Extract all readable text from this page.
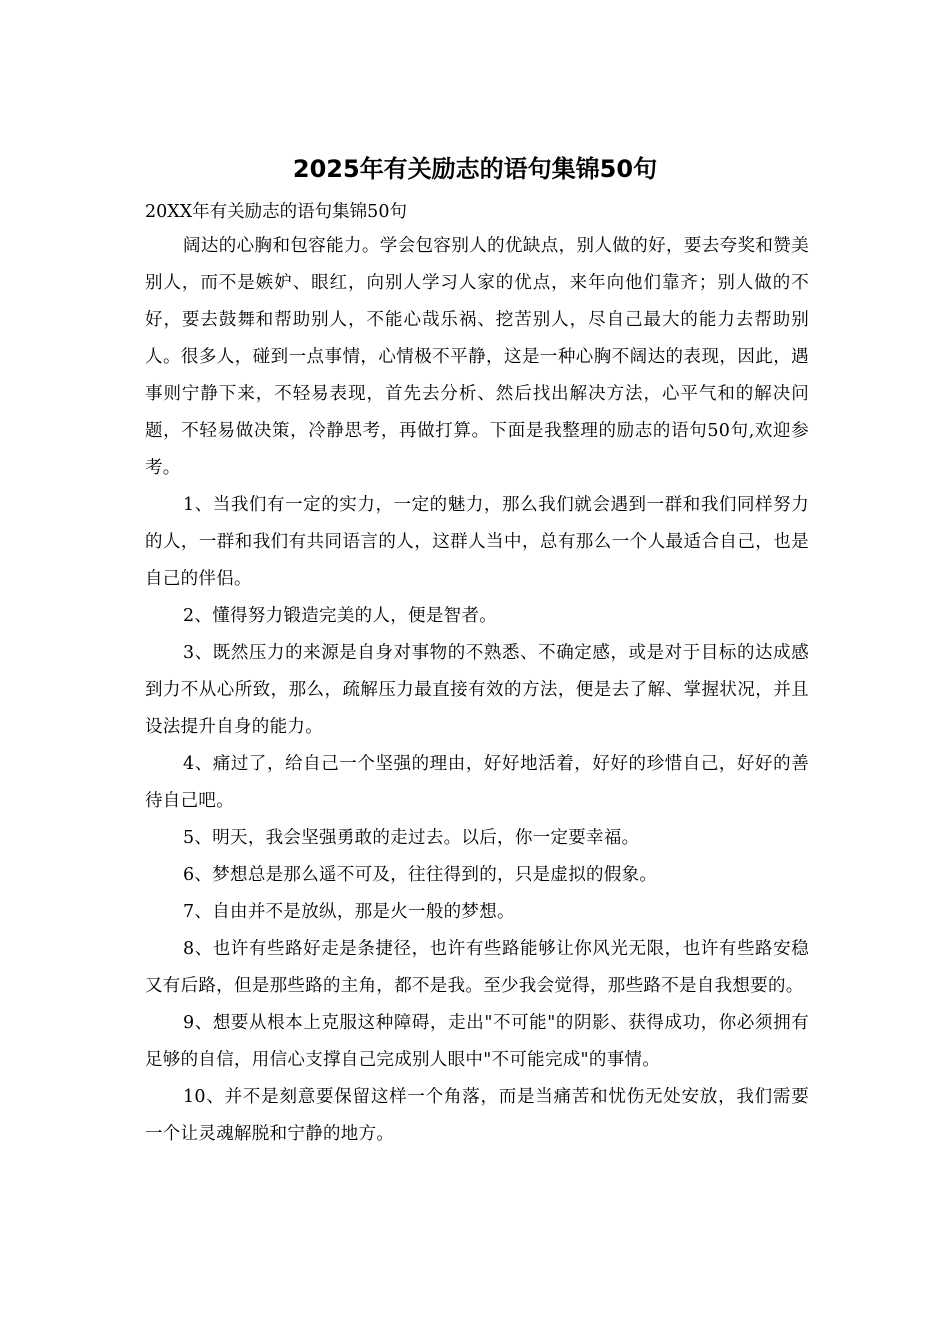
2025年有关励志的语句集锦50句

20XX年有关励志的语句集锦50句

阔达的心胸和包容能力。学会包容别人的优缺点，别人做的好，要去夸奖和赞美别人，而不是嫉妒、眼红，向别人学习人家的优点，来年向他们靠齐；别人做的不好，要去鼓舞和帮助别人，不能心哉乐祸、挖苦别人，尽自己最大的能力去帮助别人。很多人，碰到一点事情，心情极不平静，这是一种心胸不阔达的表现，因此，遇事则宁静下来，不轻易表现，首先去分析、然后找出解决方法，心平气和的解决问题，不轻易做决策，冷静思考，再做打算。下面是我整理的励志的语句50句,欢迎参考。

1、当我们有一定的实力，一定的魅力，那么我们就会遇到一群和我们同样努力的人，一群和我们有共同语言的人，这群人当中，总有那么一个人最适合自己，也是自己的伴侣。

2、懂得努力锻造完美的人，便是智者。

3、既然压力的来源是自身对事物的不熟悉、不确定感，或是对于目标的达成感到力不从心所致，那么，疏解压力最直接有效的方法，便是去了解、掌握状况，并且设法提升自身的能力。

4、痛过了，给自己一个坚强的理由，好好地活着，好好的珍惜自己，好好的善待自己吧。

5、明天，我会坚强勇敢的走过去。以后，你一定要幸福。

6、梦想总是那么遥不可及，往往得到的，只是虚拟的假象。

7、自由并不是放纵，那是火一般的梦想。

8、也许有些路好走是条捷径，也许有些路能够让你风光无限，也许有些路安稳又有后路，但是那些路的主角，都不是我。至少我会觉得，那些路不是自我想要的。

9、想要从根本上克服这种障碍，走出"不可能"的阴影、获得成功，你必须拥有足够的自信，用信心支撑自己完成别人眼中"不可能完成"的事情。

10、并不是刻意要保留这样一个角落，而是当痛苦和忧伤无处安放，我们需要一个让灵魂解脱和宁静的地方。
